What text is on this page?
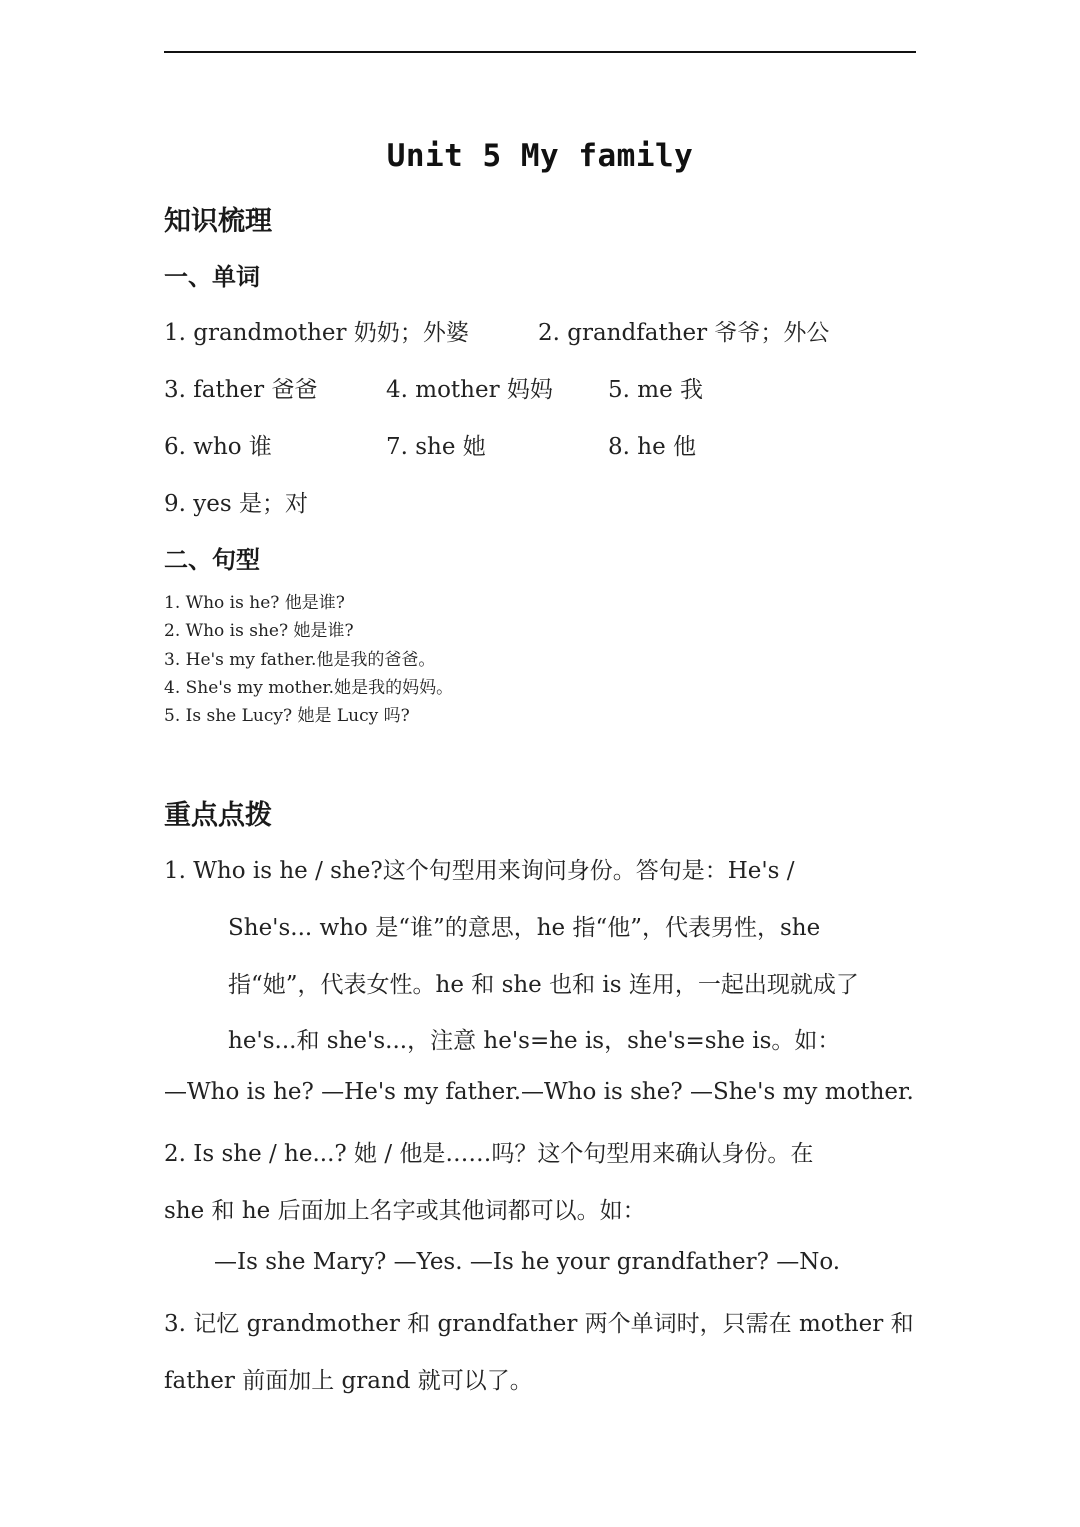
Unit 5 My family
知识梳理
一、单词
1. grandmother 奶奶；外婆	2. grandfather 爷爷；外公
3. father 爸爸	4. mother 妈妈 5. me 我
6. who 谁	7. she 她	8. he 他
9. yes 是；对
二、句型
1. Who is he? 他是谁?
2. Who is she? 她是谁?
3. He's my father.他是我的爸爸。
4. She's my mother.她是我的妈妈。
5. Is she Lucy? 她是 Lucy 吗?
重点点拨
1. Who is he / she?这个句型用来询问身份。答句是：He's /
She's... who 是“谁”的意思，he 指“他”，代表男性，she
指“她”，代表女性。he 和 she 也和 is 连用，一起出现就成了
he's...和 she's...，注意 he's=he is，she's=she is。如：
—Who is he? —He's my father.—Who is she? —She's my mother.
2. Is she / he...? 她 / 他是……吗？这个句型用来确认身份。在
she 和 he 后面加上名字或其他词都可以。如：
—Is she Mary? —Yes. —Is he your grandfather? —No.
3. 记忆 grandmother 和 grandfather 两个单词时，只需在 mother 和
father 前面加上 grand 就可以了。
